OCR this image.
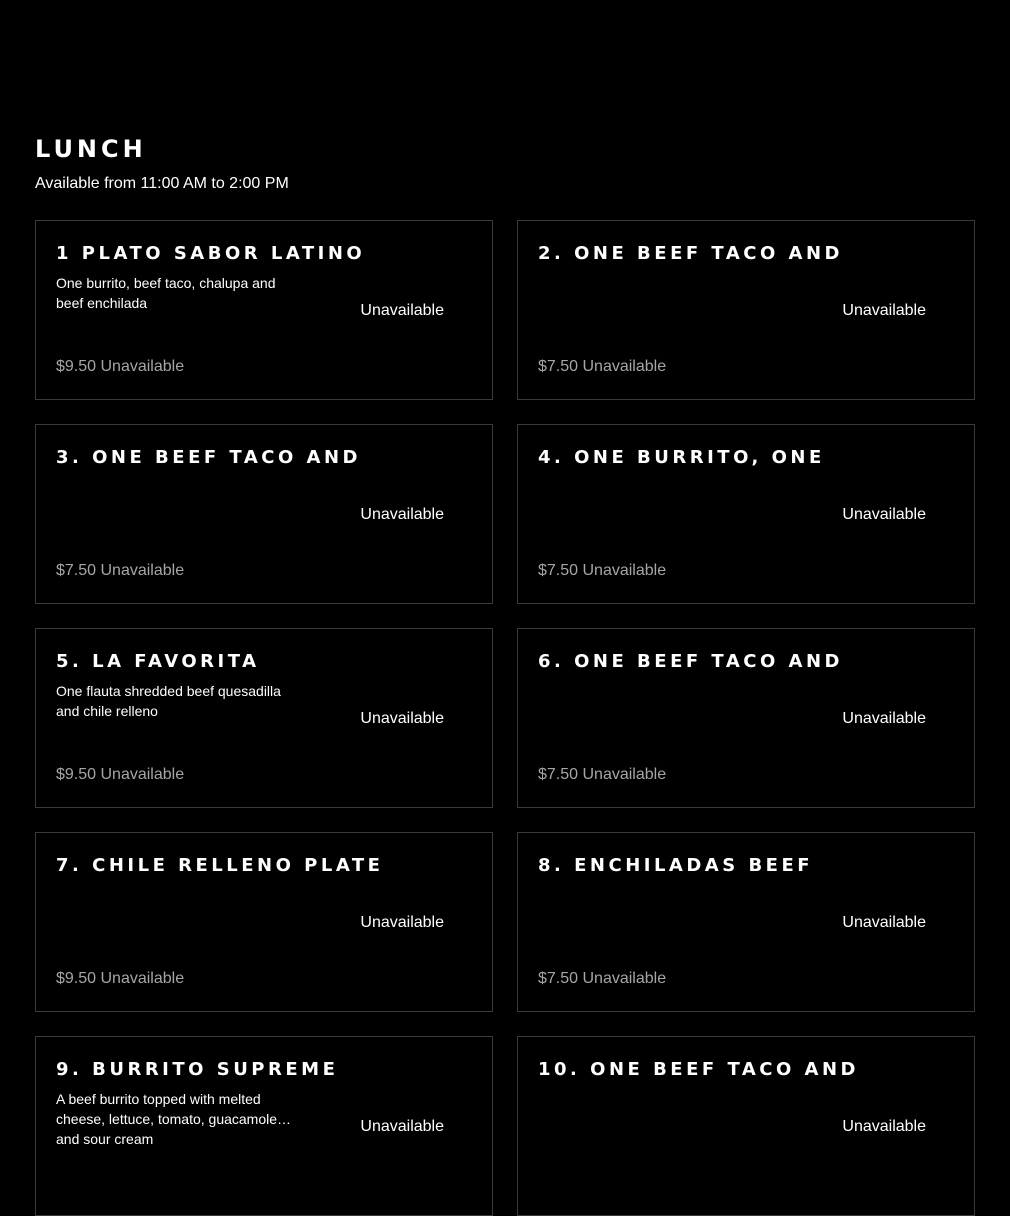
LUNCH

Available from 11:00 AM to 2:00 PM

1 PLATO SABOR LATINO
One burrito, beef taco, chalupa and beef enchilada	Unavailable
$9.50 Unavailable
2. ONE BEEF TACO AND
Unavailable
$7.50 Unavailable
3. ONE BEEF TACO AND
Unavailable
$7.50 Unavailable
4. ONE BURRITO, ONE
Unavailable
$7.50 Unavailable
5. LA FAVORITA
One flauta shredded beef quesadilla and chile relleno	Unavailable
$9.50 Unavailable
6. ONE BEEF TACO AND
Unavailable
$7.50 Unavailable
7. CHILE RELLENO PLATE
Unavailable
$9.50 Unavailable
8. ENCHILADAS BEEF
Unavailable
$7.50 Unavailable
9. BURRITO SUPREME
A beef burrito topped with melted cheese, lettuce, tomato, guacamole and sour cream
Unavailable
10. ONE BEEF TACO AND
Unavailable
